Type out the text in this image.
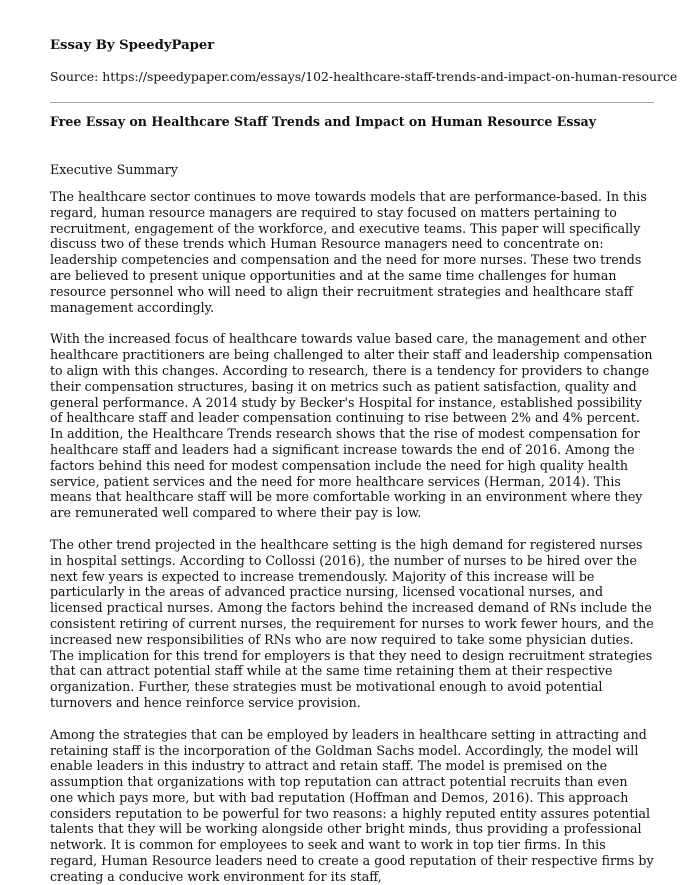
Essay By SpeedyPaper

Source: https://speedypaper.com/essays/102-healthcare-staff-trends-and-impact-on-human-resource

Free Essay on Healthcare Staff Trends and Impact on Human Resource Essay

Executive Summary

The healthcare sector continues to move towards models that are performance-based. In this regard, human resource managers are required to stay focused on matters pertaining to recruitment, engagement of the workforce, and executive teams. This paper will specifically discuss two of these trends which Human Resource managers need to concentrate on: leadership competencies and compensation and the need for more nurses. These two trends are believed to present unique opportunities and at the same time challenges for human resource personnel who will need to align their recruitment strategies and healthcare staff management accordingly.

With the increased focus of healthcare towards value based care, the management and other healthcare practitioners are being challenged to alter their staff and leadership compensation to align with this changes. According to research, there is a tendency for providers to change their compensation structures, basing it on metrics such as patient satisfaction, quality and general performance. A 2014 study by Becker's Hospital for instance, established possibility of healthcare staff and leader compensation continuing to rise between 2% and 4% percent. In addition, the Healthcare Trends research shows that the rise of modest compensation for healthcare staff and leaders had a significant increase towards the end of 2016. Among the factors behind this need for modest compensation include the need for high quality health service, patient services and the need for more healthcare services (Herman, 2014). This means that healthcare staff will be more comfortable working in an environment where they are remunerated well compared to where their pay is low.

The other trend projected in the healthcare setting is the high demand for registered nurses in hospital settings. According to Collossi (2016), the number of nurses to be hired over the next few years is expected to increase tremendously. Majority of this increase will be particularly in the areas of advanced practice nursing, licensed vocational nurses, and licensed practical nurses. Among the factors behind the increased demand of RNs include the consistent retiring of current nurses, the requirement for nurses to work fewer hours, and the increased new responsibilities of RNs who are now required to take some physician duties. The implication for this trend for employers is that they need to design recruitment strategies that can attract potential staff while at the same time retaining them at their respective organization. Further, these strategies must be motivational enough to avoid potential turnovers and hence reinforce service provision.

Among the strategies that can be employed by leaders in healthcare setting in attracting and retaining staff is the incorporation of the Goldman Sachs model. Accordingly, the model will enable leaders in this industry to attract and retain staff. The model is premised on the assumption that organizations with top reputation can attract potential recruits than even one which pays more, but with bad reputation (Hoffman and Demos, 2016). This approach considers reputation to be powerful for two reasons: a highly reputed entity assures potential talents that they will be working alongside other bright minds, thus providing a professional network. It is common for employees to seek and want to work in top tier firms. In this regard, Human Resource leaders need to create a good reputation of their respective firms by creating a conducive work environment for its staff,
